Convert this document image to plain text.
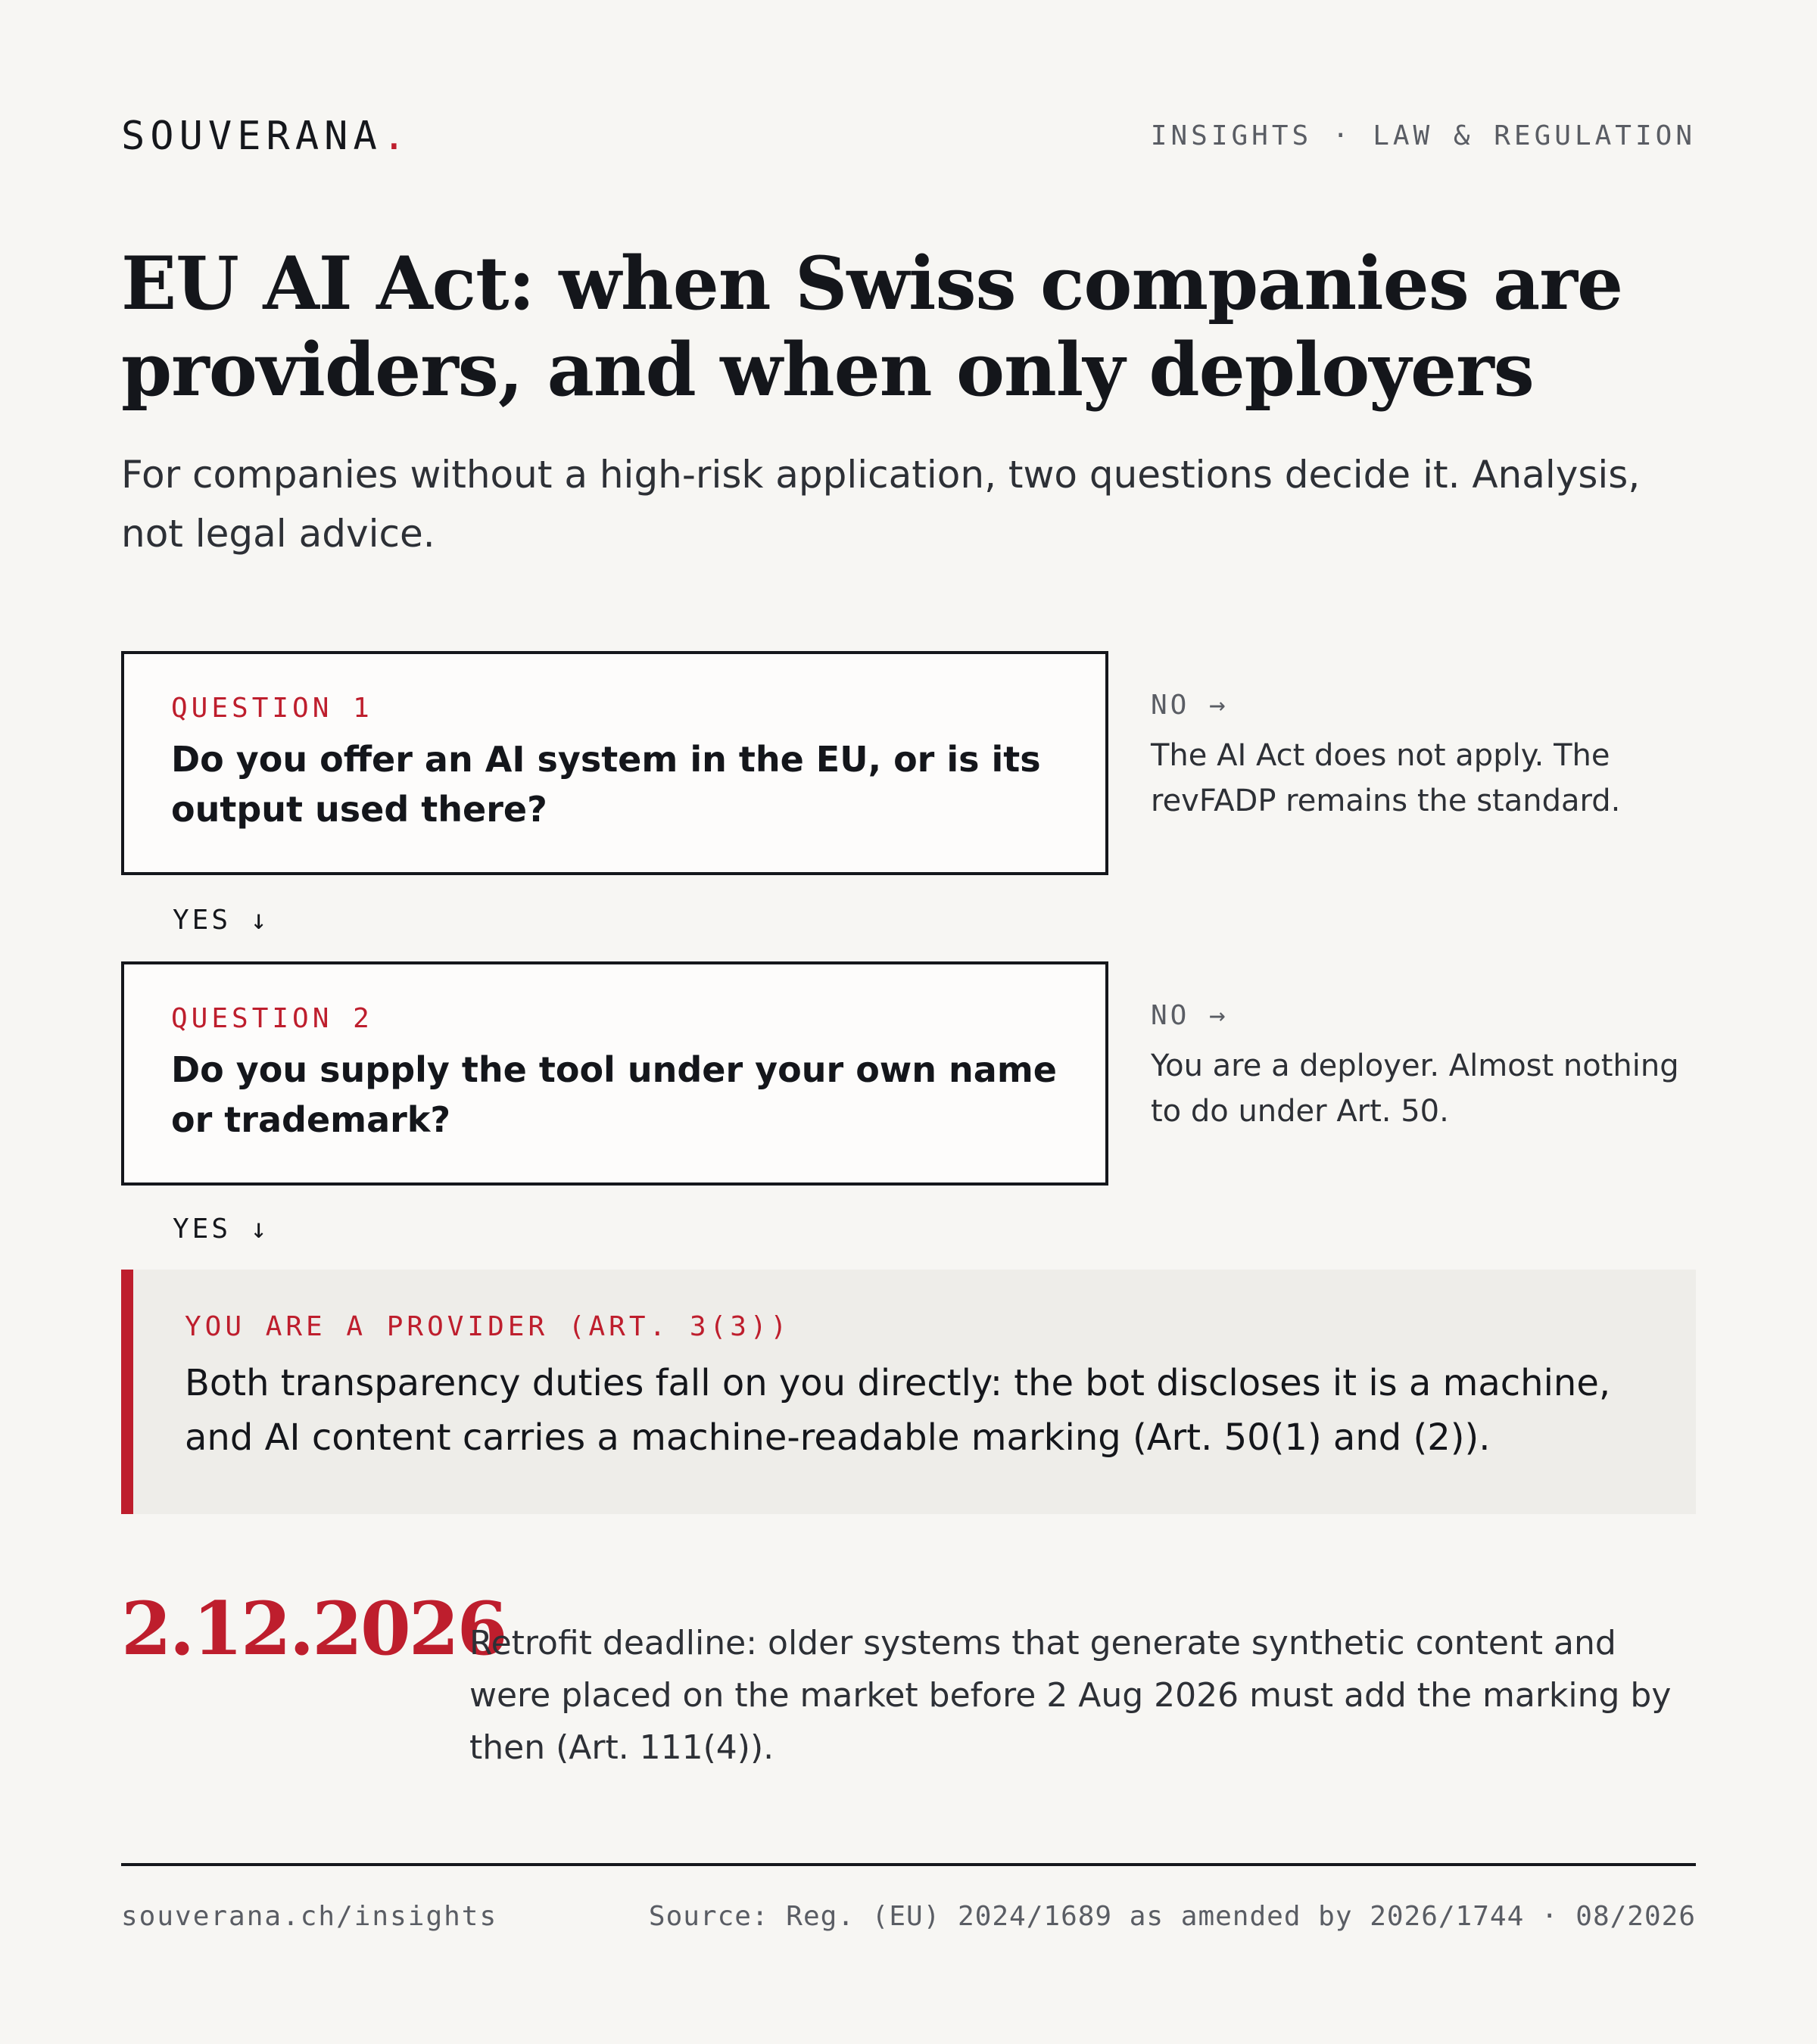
SOUVERANA.	INSIGHTS · LAW & REGULATION
EU AI Act: when Swiss companies are providers, and when only deployers

For companies without a high-risk application, two questions decide it. Analysis, not legal advice.

QUESTION 1
Do you offer an AI system in the EU, or is its output used there?
NO →
The AI Act does not apply. The revFADP remains the standard.
YES ↓
QUESTION 2
Do you supply the tool under your own name or trademark?
NO →
You are a deployer. Almost nothing to do under Art. 50.
YES ↓
YOU ARE A PROVIDER (ART. 3(3))
Both transparency duties fall on you directly: the bot discloses it is a machine, and AI content carries a machine-readable marking (Art. 50(1) and (2)).
2.12.2026
Retrofit deadline: older systems that generate synthetic content and were placed on the market before 2 Aug 2026 must add the marking by then (Art. 111(4)).
souverana.ch/insights	Source: Reg. (EU) 2024/1689 as amended by 2026/1744 · 08/2026
